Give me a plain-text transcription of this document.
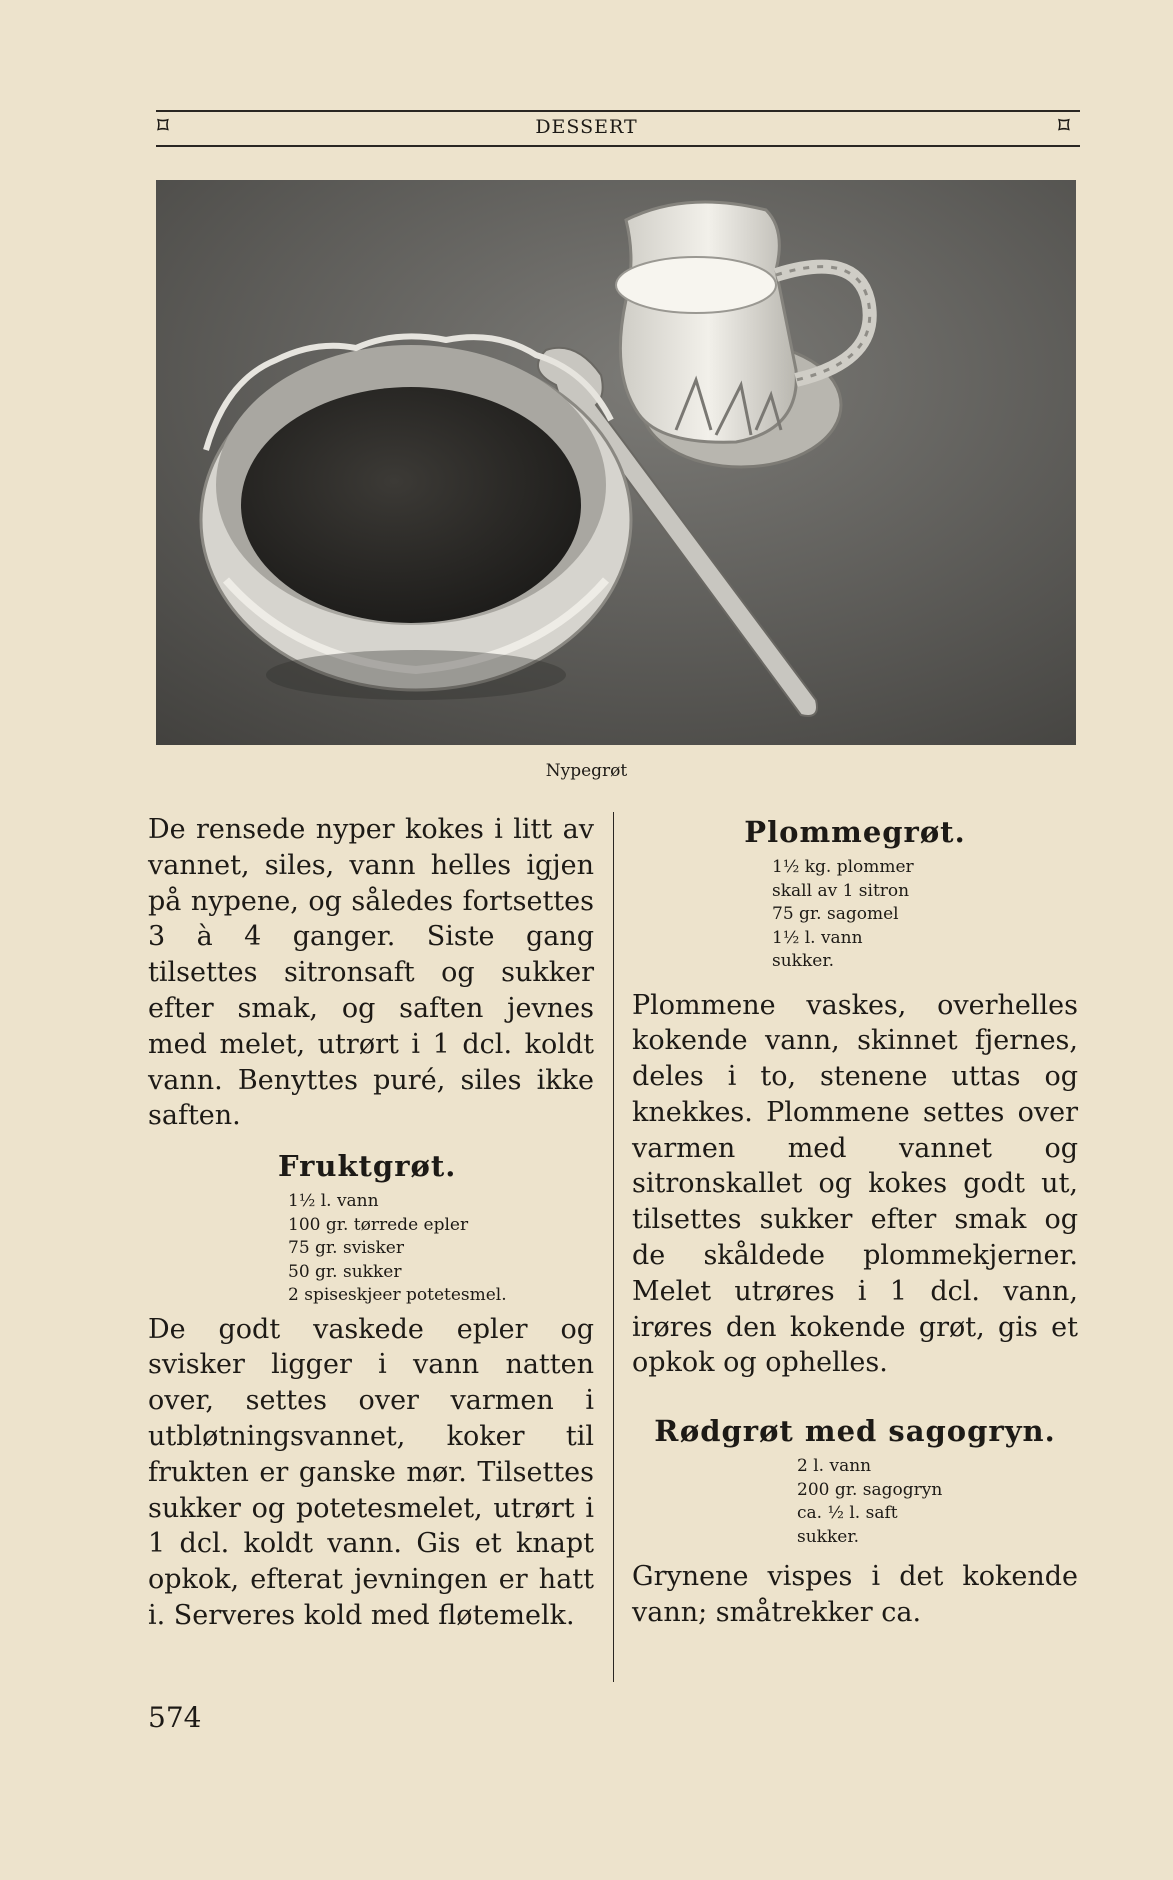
⌑	DESSERT	⌑
Nypegrøt

De rensede nyper kokes i litt av vannet, siles, vann helles igjen på nypene, og således fortsettes 3 à 4 ganger. Siste gang tilsettes sitronsaft og sukker efter smak, og saften jevnes med melet, utrørt i 1 dcl. koldt vann. Benyttes puré, siles ikke saften.

Fruktgrøt.
1½ l. vann
100 gr. tørrede epler
75 gr. svisker
50 gr. sukker
2 spiseskjeer potetesmel.

De godt vaskede epler og svisker ligger i vann natten over, settes over varmen i utbløtningsvannet, koker til frukten er ganske mør. Tilsettes sukker og potetesmelet, utrørt i 1 dcl. koldt vann. Gis et knapt opkok, efterat jevningen er hatt i. Serveres kold med fløtemelk.

Plommegrøt.
1½ kg. plommer
skall av 1 sitron
75 gr. sagomel
1½ l. vann
sukker.

Plommene vaskes, overhelles kokende vann, skinnet fjernes, deles i to, stenene uttas og knekkes. Plommene settes over varmen med vannet og sitronskallet og kokes godt ut, tilsettes sukker efter smak og de skåldede plommekjerner. Melet utrøres i 1 dcl. vann, irøres den kokende grøt, gis et opkok og ophelles.

Rødgrøt med sagogryn.
2 l. vann
200 gr. sagogryn
ca. ½ l. saft
sukker.

Grynene vispes i det kokende vann; småtrekker ca.

574
